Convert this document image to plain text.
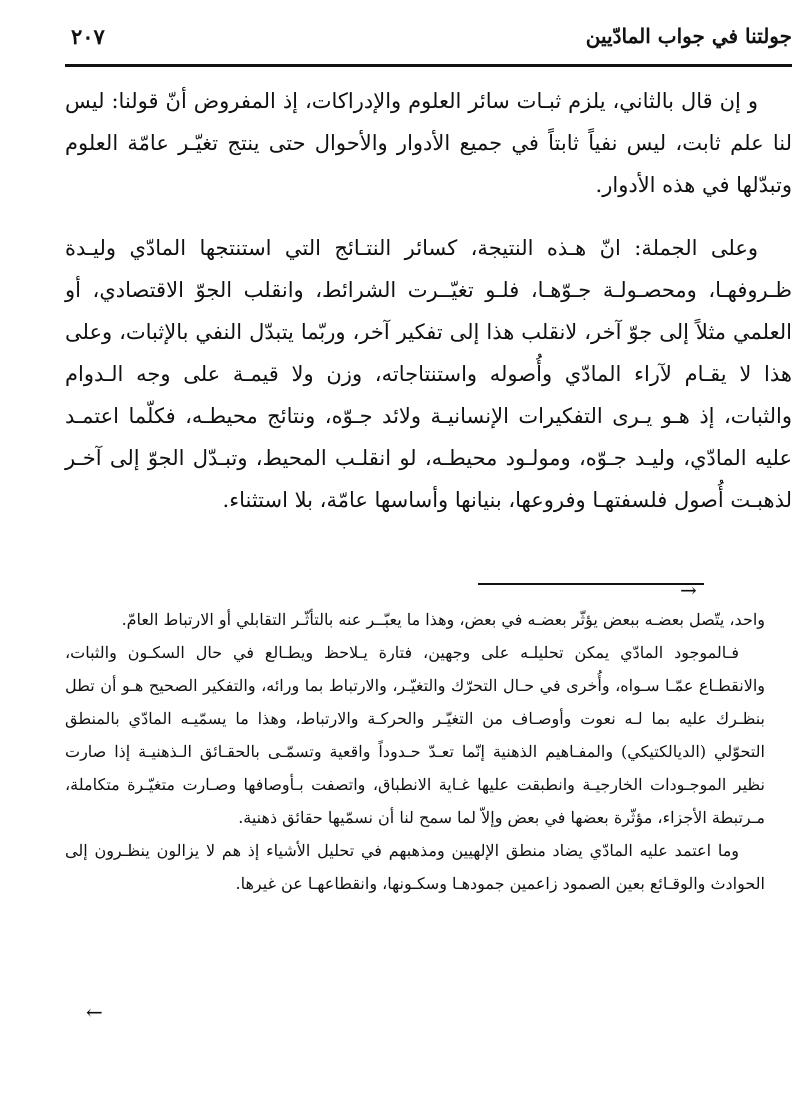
جولتنا في جواب المادّيين
٢٠٧

و إن قال بالثاني، يلزم ثبـات سائر العلوم والإدراكات، إذ المفروض أنّ قولنا: ليس لنا علم ثابت، ليس نفياً ثابتاً في جميع الأدوار والأحوال حتى ينتج تغيّـر عامّة العلوم وتبدّلها في هذه الأدوار.

وعلى الجملة: انّ هـذه النتيجة، كسائر النتـائج التي استنتجها المادّي وليـدة ظـروفهـا، ومحصـولـة جـوّهـا، فلـو تغيّــرت الشرائط، وانقلب الجوّ الاقتصادي، أو العلمي مثلاً إلى جوّ آخر، لانقلب هذا إلى تفكير آخر، وربّما يتبدّل النفي بالإثبات، وعلى هذا لا يقـام لآراء المادّي وأُصوله واستنتاجاته، وزن ولا قيمـة على وجه الـدوام والثبات، إذ هـو يـرى التفكيرات الإنسانيـة ولائد جـوّه، ونتائج محيطـه، فكلّما اعتمـد عليه المادّي، وليـد جـوّه، ومولـود محيطـه، لو انقلـب المحيط، وتبـدّل الجوّ إلى آخـر لذهبـت أُصول فلسفتهـا وفروعها، بنيانها وأساسها عامّة، بلا استثناء.

→

واحد، يتّصل بعضـه ببعض يؤثّر بعضـه في بعض، وهذا ما يعبّــر عنه بالتأثّـر التقابلي أو الارتباط العامّ.

فـالموجود المادّي يمكن تحليلـه على وجهين، فتارة يـلاحظ ويطـالع في حال السكـون والثبات، والانقطـاع عمّـا سـواه، وأُخرى في حـال التحرّك والتغيّـر، والارتباط بما ورائه، والتفكير الصحيح هـو أن تطل بنظـرك عليه بما لـه نعوت وأوصـاف من التغيّـر والحركـة والارتباط، وهذا ما يسمّيـه المادّي بالمنطق التحوّلي (الديالكتيكي) والمفـاهيم الذهنية إنّما تعـدّ حـدوداً واقعية وتسمّـى بالحقـائق الـذهنيـة إذا صارت نظير الموجـودات الخارجيـة وانطبقت عليها غـاية الانطباق، واتصفت بـأوصافها وصـارت متغيّـرة متكاملة، مـرتبطة الأجزاء، مؤثّرة بعضها في بعض وإلاّ لما سمح لنا أن نسمّيها حقائق ذهنية.

وما اعتمد عليه المادّي يضاد منطق الإلهيين ومذهبهم في تحليل الأشياء إذ هم لا يزالون ينظـرون إلى الحوادث والوقـائع بعين الصمود زاعمين جمودهـا وسكـونها، وانقطاعهـا عن غيرها.

←
